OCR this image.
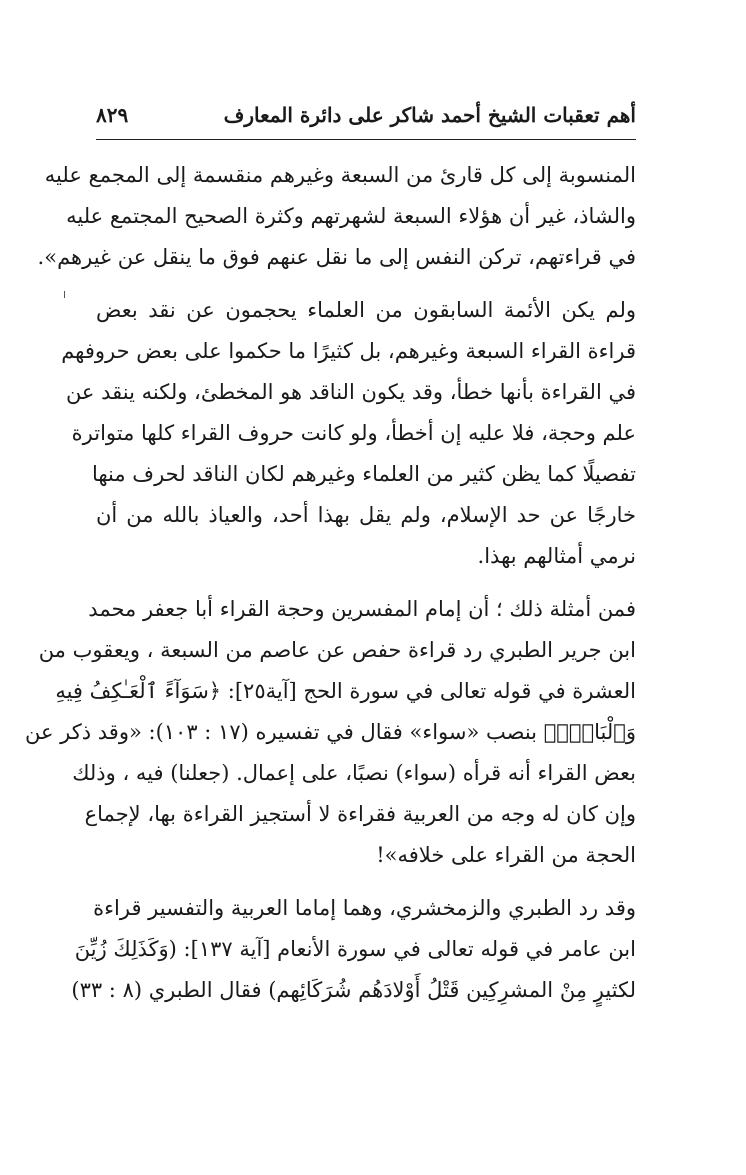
أهم تعقبات الشيخ أحمد شاكر على دائرة المعارف
٨٢٩
المنسوبة إلى كل قارئ من السبعة وغيرهم منقسمة إلى المجمع عليه
والشاذ، غير أن هؤلاء السبعة لشهرتهم وكثرة الصحيح المجتمع عليه
في قراءتهم، تركن النفس إلى ما نقل عنهم فوق ما ينقل عن غيرهم».
ولم يكن الأئمة السابقون من العلماء يحجمون عن نقد بعض
قراءة القراء السبعة وغيرهم، بل كثيرًا ما حكموا على بعض حروفهم
في القراءة بأنها خطأ، وقد يكون الناقد هو المخطئ، ولكنه ينقد عن
علم وحجة، فلا عليه إن أخطأ، ولو كانت حروف القراء كلها متواترة
تفصيلًا كما يظن كثير من العلماء وغيرهم لكان الناقد لحرف منها
خارجًا عن حد الإسلام، ولم يقل بهذا أحد، والعياذ بالله من أن
نرمي أمثالهم بهذا.
فمن أمثلة ذلك ؛ أن إمام المفسرين وحجة القراء أبا جعفر محمد
ابن جرير الطبري رد قراءة حفص عن عاصم من السبعة ، ويعقوب من
العشرة في قوله تعالى في سورة الحج [آية٢٥]: ﴿سَوَآءً ٱلْعَـٰكِفُ فِيهِ
وَٱلْبَادِۚ﴾ بنصب «سواء» فقال في تفسيره (١٧ : ١٠٣): «وقد ذكر عن
بعض القراء أنه قرأه (سواء) نصبًا، على إعمال. (جعلنا) فيه ، وذلك
وإن كان له وجه من العربية فقراءة لا أستجيز القراءة بها، لإجماع
الحجة من القراء على خلافه»!
وقد رد الطبري والزمخشري، وهما إماما العربية والتفسير قراءة
ابن عامر في قوله تعالى في سورة الأنعام [آية ١٣٧]: (وَكَذَلِكَ زُيِّنَ
لكثيرٍ مِنْ المشرِكِين قَتْلُ أَوْلادَهُم شُرَكَائِهم) فقال الطبري (٨ : ٣٣)
